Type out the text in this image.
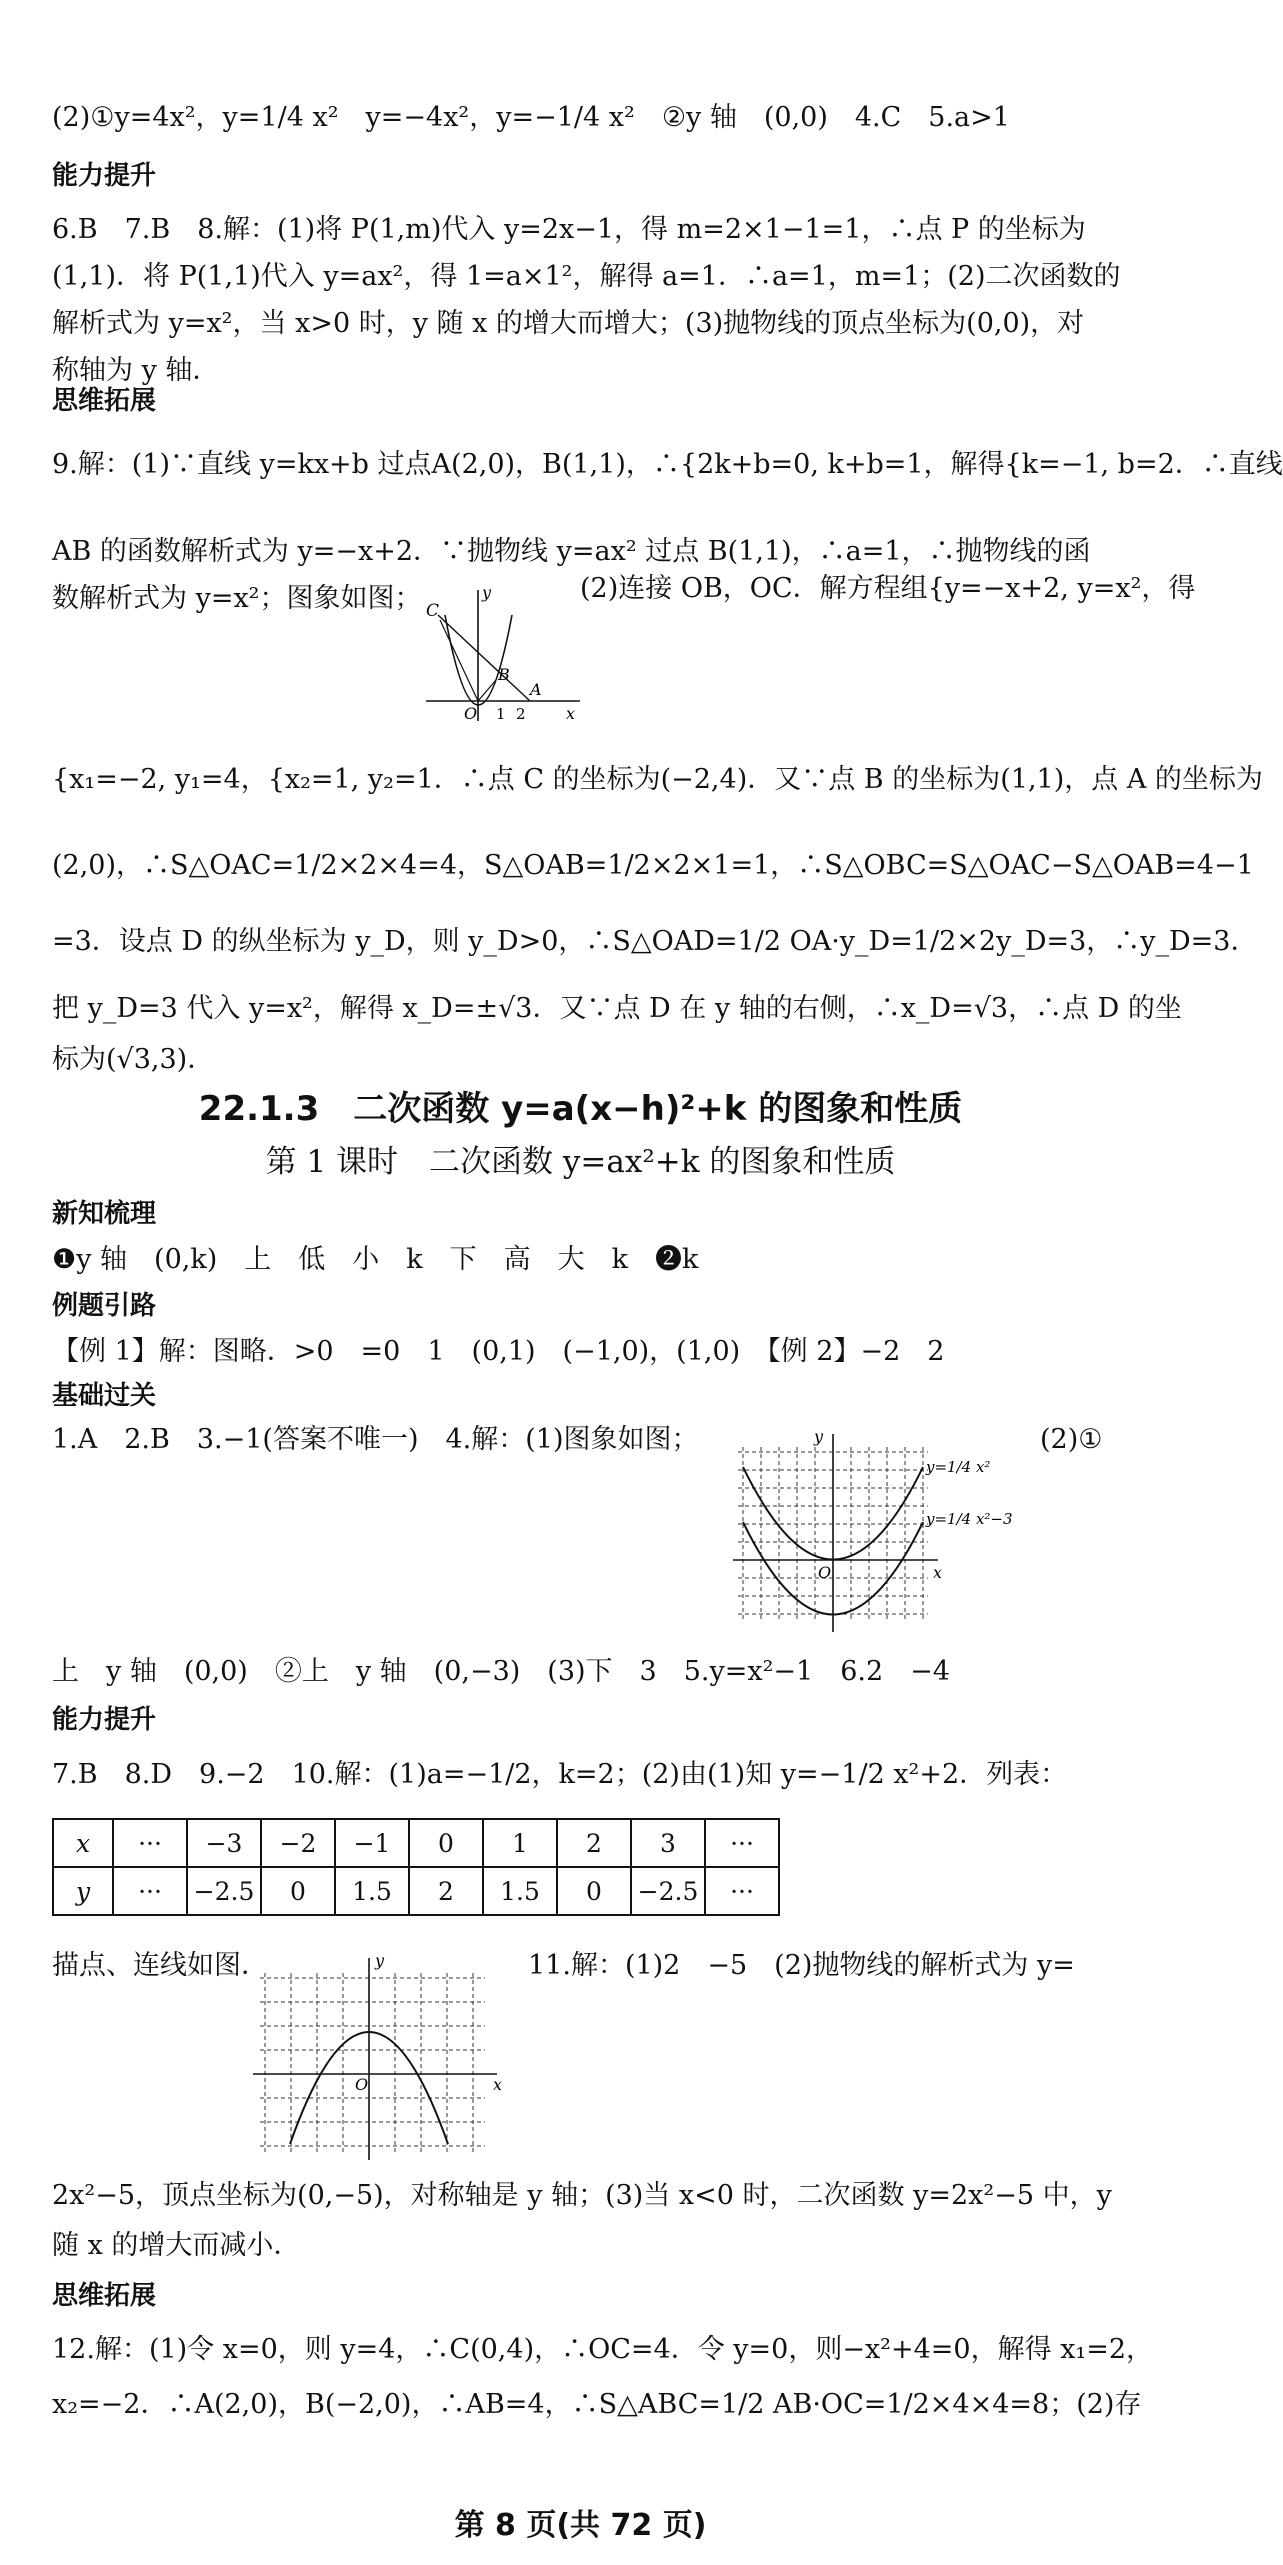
(2)①y=4x²，y=1/4 x²　y=−4x²，y=−1/4 x²　②y 轴　(0,0)　4.C　5.a>1
能力提升
6.B　7.B　8.解：(1)将 P(1,m)代入 y=2x−1，得 m=2×1−1=1，∴点 P 的坐标为
(1,1)．将 P(1,1)代入 y=ax²，得 1=a×1²，解得 a=1．∴a=1，m=1；(2)二次函数的
解析式为 y=x²，当 x>0 时，y 随 x 的增大而增大；(3)抛物线的顶点坐标为(0,0)，对
称轴为 y 轴．
思维拓展
9.解：(1)∵直线 y=kx+b 过点A(2,0)，B(1,1)，∴{2k+b=0, k+b=1，解得{k=−1, b=2．∴直线
AB 的函数解析式为 y=−x+2．∵抛物线 y=ax² 过点 B(1,1)，∴a=1，∴抛物线的函
数解析式为 y=x²；图象如图；	(2)连接 OB，OC．解方程组{y=−x+2, y=x²，得
y
C
B
A
O 1 2	x
{x₁=−2, y₁=4，{x₂=1, y₂=1．∴点 C 的坐标为(−2,4)．又∵点 B 的坐标为(1,1)，点 A 的坐标为
(2,0)，∴S△OAC=1/2×2×4=4，S△OAB=1/2×2×1=1，∴S△OBC=S△OAC−S△OAB=4−1
=3．设点 D 的纵坐标为 y_D，则 y_D>0，∴S△OAD=1/2 OA·y_D=1/2×2y_D=3，∴y_D=3．
把 y_D=3 代入 y=x²，解得 x_D=±√3．又∵点 D 在 y 轴的右侧，∴x_D=√3，∴点 D 的坐
标为(√3,3)．
22.1.3　二次函数 y=a(x−h)²+k 的图象和性质
第 1 课时　二次函数 y=ax²+k 的图象和性质
新知梳理
❶y 轴　(0,k)　上　低　小　k　下　高　大　k　❷k
例题引路
【例 1】解：图略．>0　=0　1　(0,1)　(−1,0)，(1,0)　【例 2】−2　2
基础过关
1.A　2.B　3.−1(答案不唯一)　4.解：(1)图象如图；	(2)①
y
O	x
y=1/4 x²
y=1/4 x²−3
上　y 轴　(0,0)　②上　y 轴　(0,−3)　(3)下　3　5.y=x²−1　6.2　−4
能力提升
7.B　8.D　9.−2　10.解：(1)a=−1/2，k=2；(2)由(1)知 y=−1/2 x²+2．列表：
x	···	−3	−2	−1	0	1	2	3	···
y	···	−2.5	0	1.5	2	1.5	0	−2.5	···
描点、连线如图．	11.解：(1)2　−5　(2)抛物线的解析式为 y=
y
O	x
2x²−5，顶点坐标为(0,−5)，对称轴是 y 轴；(3)当 x<0 时，二次函数 y=2x²−5 中，y
随 x 的增大而减小．
思维拓展
12.解：(1)令 x=0，则 y=4，∴C(0,4)，∴OC=4．令 y=0，则−x²+4=0，解得 x₁=2，
x₂=−2．∴A(2,0)，B(−2,0)，∴AB=4，∴S△ABC=1/2 AB·OC=1/2×4×4=8；(2)存
第 8 页(共 72 页)
